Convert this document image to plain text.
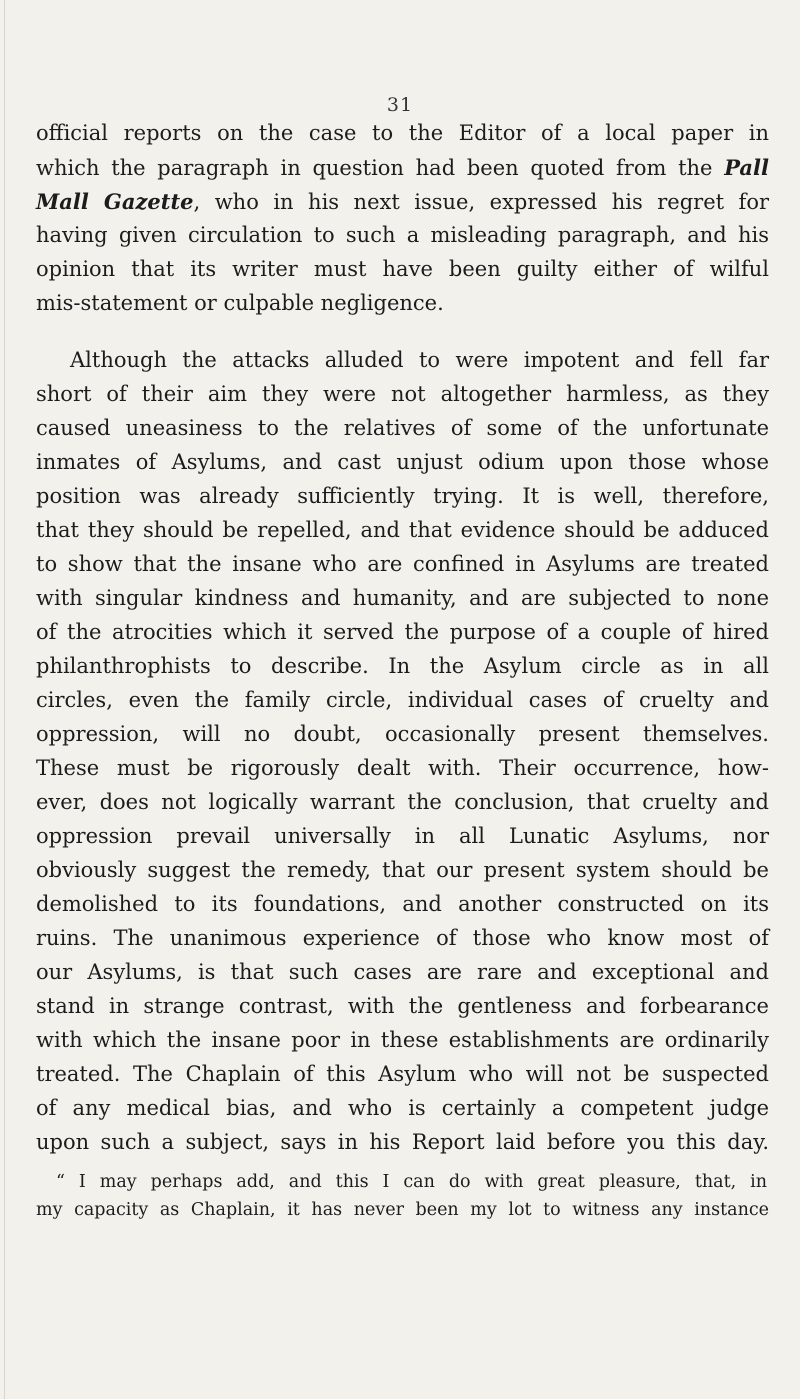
31
official reports on the case to the Editor of a local paper in
which the paragraph in question had been quoted from the Pall
Mall Gazette, who in his next issue, expressed his regret for
having given circulation to such a misleading paragraph, and his
opinion that its writer must have been guilty either of wilful
mis-statement or culpable negligence.
Although the attacks alluded to were impotent and fell far
short of their aim they were not altogether harmless, as they
caused uneasiness to the relatives of some of the unfortunate
inmates of Asylums, and cast unjust odium upon those whose
position was already sufficiently trying. It is well, therefore,
that they should be repelled, and that evidence should be adduced
to show that the insane who are confined in Asylums are treated
with singular kindness and humanity, and are subjected to none
of the atrocities which it served the purpose of a couple of hired
philanthrophists to describe. In the Asylum circle as in all
circles, even the family circle, individual cases of cruelty and
oppression, will no doubt, occasionally present themselves.
These must be rigorously dealt with. Their occurrence, how-
ever, does not logically warrant the conclusion, that cruelty and
oppression prevail universally in all Lunatic Asylums, nor
obviously suggest the remedy, that our present system should be
demolished to its foundations, and another constructed on its
ruins. The unanimous experience of those who know most of
our Asylums, is that such cases are rare and exceptional and
stand in strange contrast, with the gentleness and forbearance
with which the insane poor in these establishments are ordinarily
treated. The Chaplain of this Asylum who will not be suspected
of any medical bias, and who is certainly a competent judge
upon such a subject, says in his Report laid before you this day.
“ I may perhaps add, and this I can do with great pleasure, that, in
my capacity as Chaplain, it has never been my lot to witness any instance
